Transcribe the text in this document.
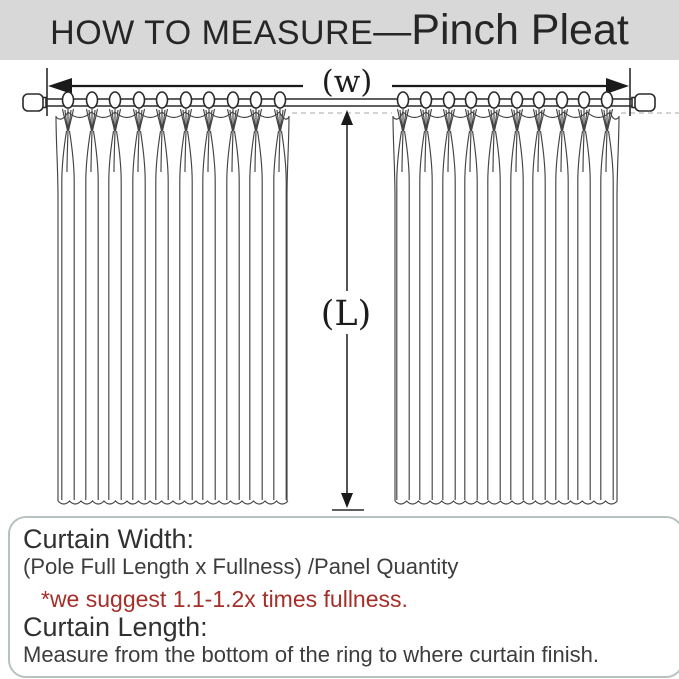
(w)
(L)
HOW TO MEASURE — Pinch Pleat
Curtain Width:
(Pole Full Length x Fullness) /Panel Quantity
*we suggest 1.1-1.2x times fullness.
Curtain Length:
Measure from the bottom of the ring to where curtain finish.
